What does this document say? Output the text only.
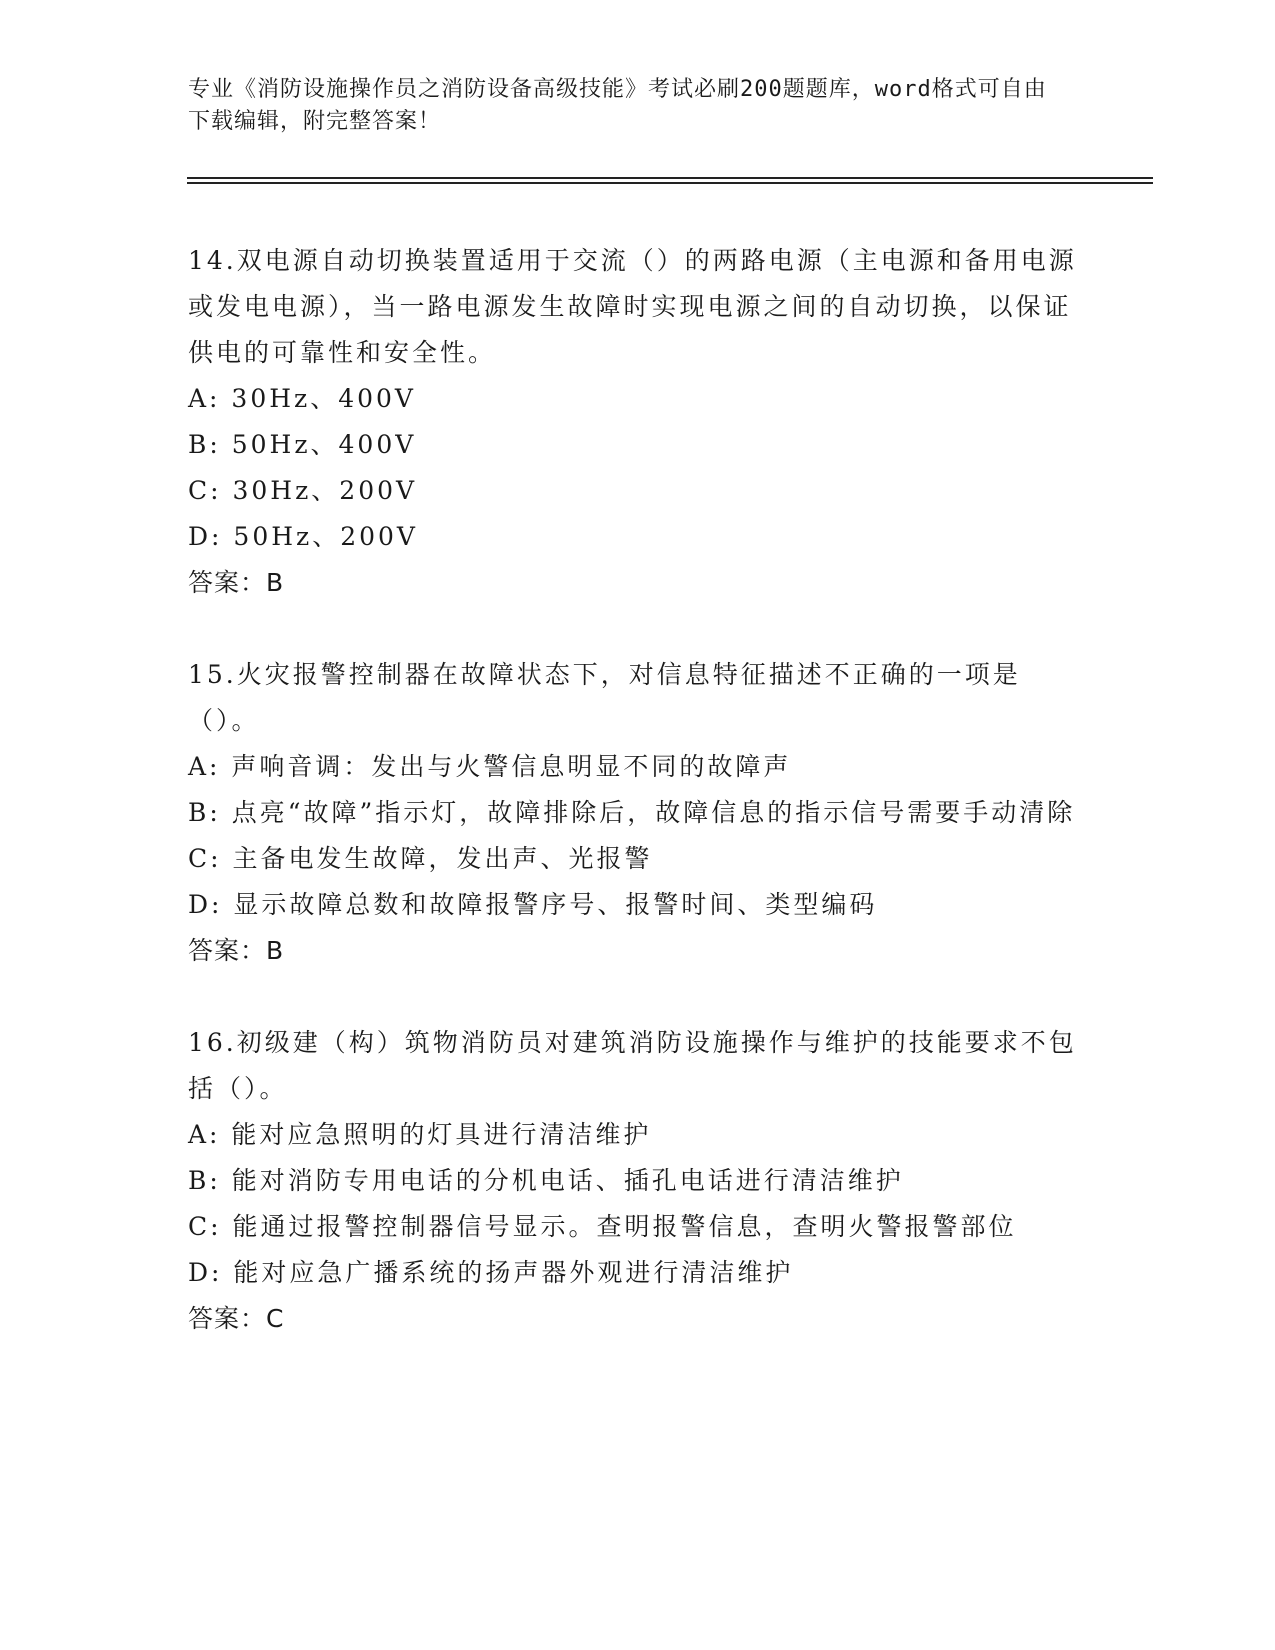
专业《消防设施操作员之消防设备高级技能》考试必刷200题题库，word格式可自由下载编辑，附完整答案！

14.双电源自动切换装置适用于交流（）的两路电源（主电源和备用电源或发电电源），当一路电源发生故障时实现电源之间的自动切换，以保证供电的可靠性和安全性。

A: 30Hz、400V

B: 50Hz、400V

C: 30Hz、200V

D: 50Hz、200V

答案：B

15.火灾报警控制器在故障状态下，对信息特征描述不正确的一项是（）。

A: 声响音调：发出与火警信息明显不同的故障声

B: 点亮“故障”指示灯，故障排除后，故障信息的指示信号需要手动清除

C: 主备电发生故障，发出声、光报警

D: 显示故障总数和故障报警序号、报警时间、类型编码

答案：B

16.初级建（构）筑物消防员对建筑消防设施操作与维护的技能要求不包括（）。

A: 能对应急照明的灯具进行清洁维护

B: 能对消防专用电话的分机电话、插孔电话进行清洁维护

C: 能通过报警控制器信号显示。查明报警信息，查明火警报警部位

D: 能对应急广播系统的扬声器外观进行清洁维护

答案：C
